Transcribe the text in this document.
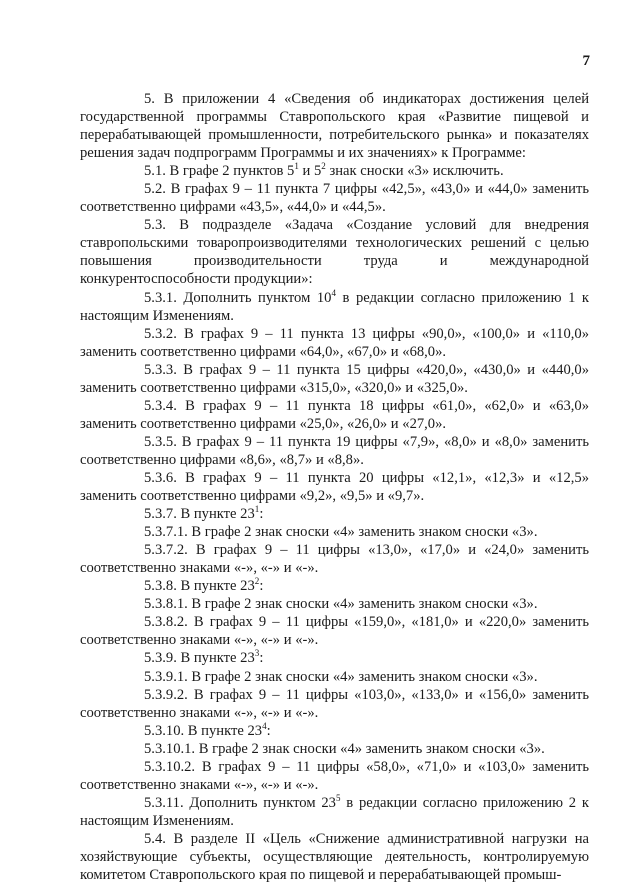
7

5. В приложении 4 «Сведения об индикаторах достижения целей государственной программы Ставропольского края «Развитие пищевой и перерабатывающей промышленности, потребительского рынка» и показателях решения задач подпрограмм Программы и их значениях» к Программе:

5.1. В графе 2 пунктов $5^1$ и $5^2$ знак сноски «3» исключить.

5.2. В графах 9 – 11 пункта 7 цифры «42,5», «43,0» и «44,0» заменить соответственно цифрами «43,5», «44,0» и «44,5».

5.3. В подразделе «Задача «Создание условий для внедрения ставропольскими товаропроизводителями технологических решений с целью повышения производительности труда и международной конкурентоспособности продукции»:

5.3.1. Дополнить пунктом $10^4$ в редакции согласно приложению 1 к настоящим Изменениям.

5.3.2. В графах 9 – 11 пункта 13 цифры «90,0», «100,0» и «110,0» заменить соответственно цифрами «64,0», «67,0» и «68,0».

5.3.3. В графах 9 – 11 пункта 15 цифры «420,0», «430,0» и «440,0» заменить соответственно цифрами «315,0», «320,0» и «325,0».

5.3.4. В графах 9 – 11 пункта 18 цифры «61,0», «62,0» и «63,0» заменить соответственно цифрами «25,0», «26,0» и «27,0».

5.3.5. В графах 9 – 11 пункта 19 цифры «7,9», «8,0» и «8,0» заменить соответственно цифрами «8,6», «8,7» и «8,8».

5.3.6. В графах 9 – 11 пункта 20 цифры «12,1», «12,3» и «12,5» заменить соответственно цифрами «9,2», «9,5» и «9,7».

5.3.7. В пункте $23^1$:

5.3.7.1. В графе 2 знак сноски «4» заменить знаком сноски «3».

5.3.7.2. В графах 9 – 11 цифры «13,0», «17,0» и «24,0» заменить соответственно знаками «-», «-» и «-».

5.3.8. В пункте $23^2$:

5.3.8.1. В графе 2 знак сноски «4» заменить знаком сноски «3».

5.3.8.2. В графах 9 – 11 цифры «159,0», «181,0» и «220,0» заменить соответственно знаками «-», «-» и «-».

5.3.9. В пункте $23^3$:

5.3.9.1. В графе 2 знак сноски «4» заменить знаком сноски «3».

5.3.9.2. В графах 9 – 11 цифры «103,0», «133,0» и «156,0» заменить соответственно знаками «-», «-» и «-».

5.3.10. В пункте $23^4$:

5.3.10.1. В графе 2 знак сноски «4» заменить знаком сноски «3».

5.3.10.2. В графах 9 – 11 цифры «58,0», «71,0» и «103,0» заменить соответственно знаками «-», «-» и «-».

5.3.11. Дополнить пунктом $23^5$ в редакции согласно приложению 2 к настоящим Изменениям.

5.4. В разделе II «Цель «Снижение административной нагрузки на хозяйствующие субъекты, осуществляющие деятельность, контролируемую комитетом Ставропольского края по пищевой и перерабатывающей промыш-
